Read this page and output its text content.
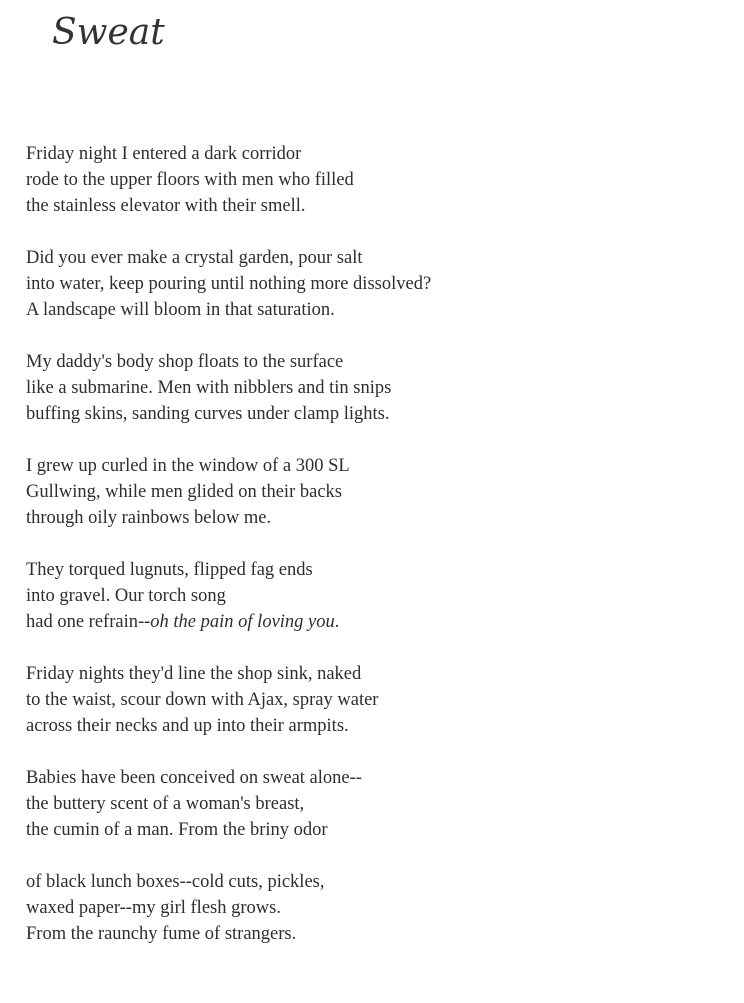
Sweat
Friday night I entered a dark corridor
rode to the upper floors with men who filled
the stainless elevator with their smell.
Did you ever make a crystal garden, pour salt
into water, keep pouring until nothing more dissolved?
A landscape will bloom in that saturation.
My daddy's body shop floats to the surface
like a submarine. Men with nibblers and tin snips
buffing skins, sanding curves under clamp lights.
I grew up curled in the window of a 300 SL
Gullwing, while men glided on their backs
through oily rainbows below me.
They torqued lugnuts, flipped fag ends
into gravel. Our torch song
had one refrain--oh the pain of loving you.
Friday nights they'd line the shop sink, naked
to the waist, scour down with Ajax, spray water
across their necks and up into their armpits.
Babies have been conceived on sweat alone--
the buttery scent of a woman's breast,
the cumin of a man. From the briny odor
of black lunch boxes--cold cuts, pickles,
waxed paper--my girl flesh grows.
From the raunchy fume of strangers.
